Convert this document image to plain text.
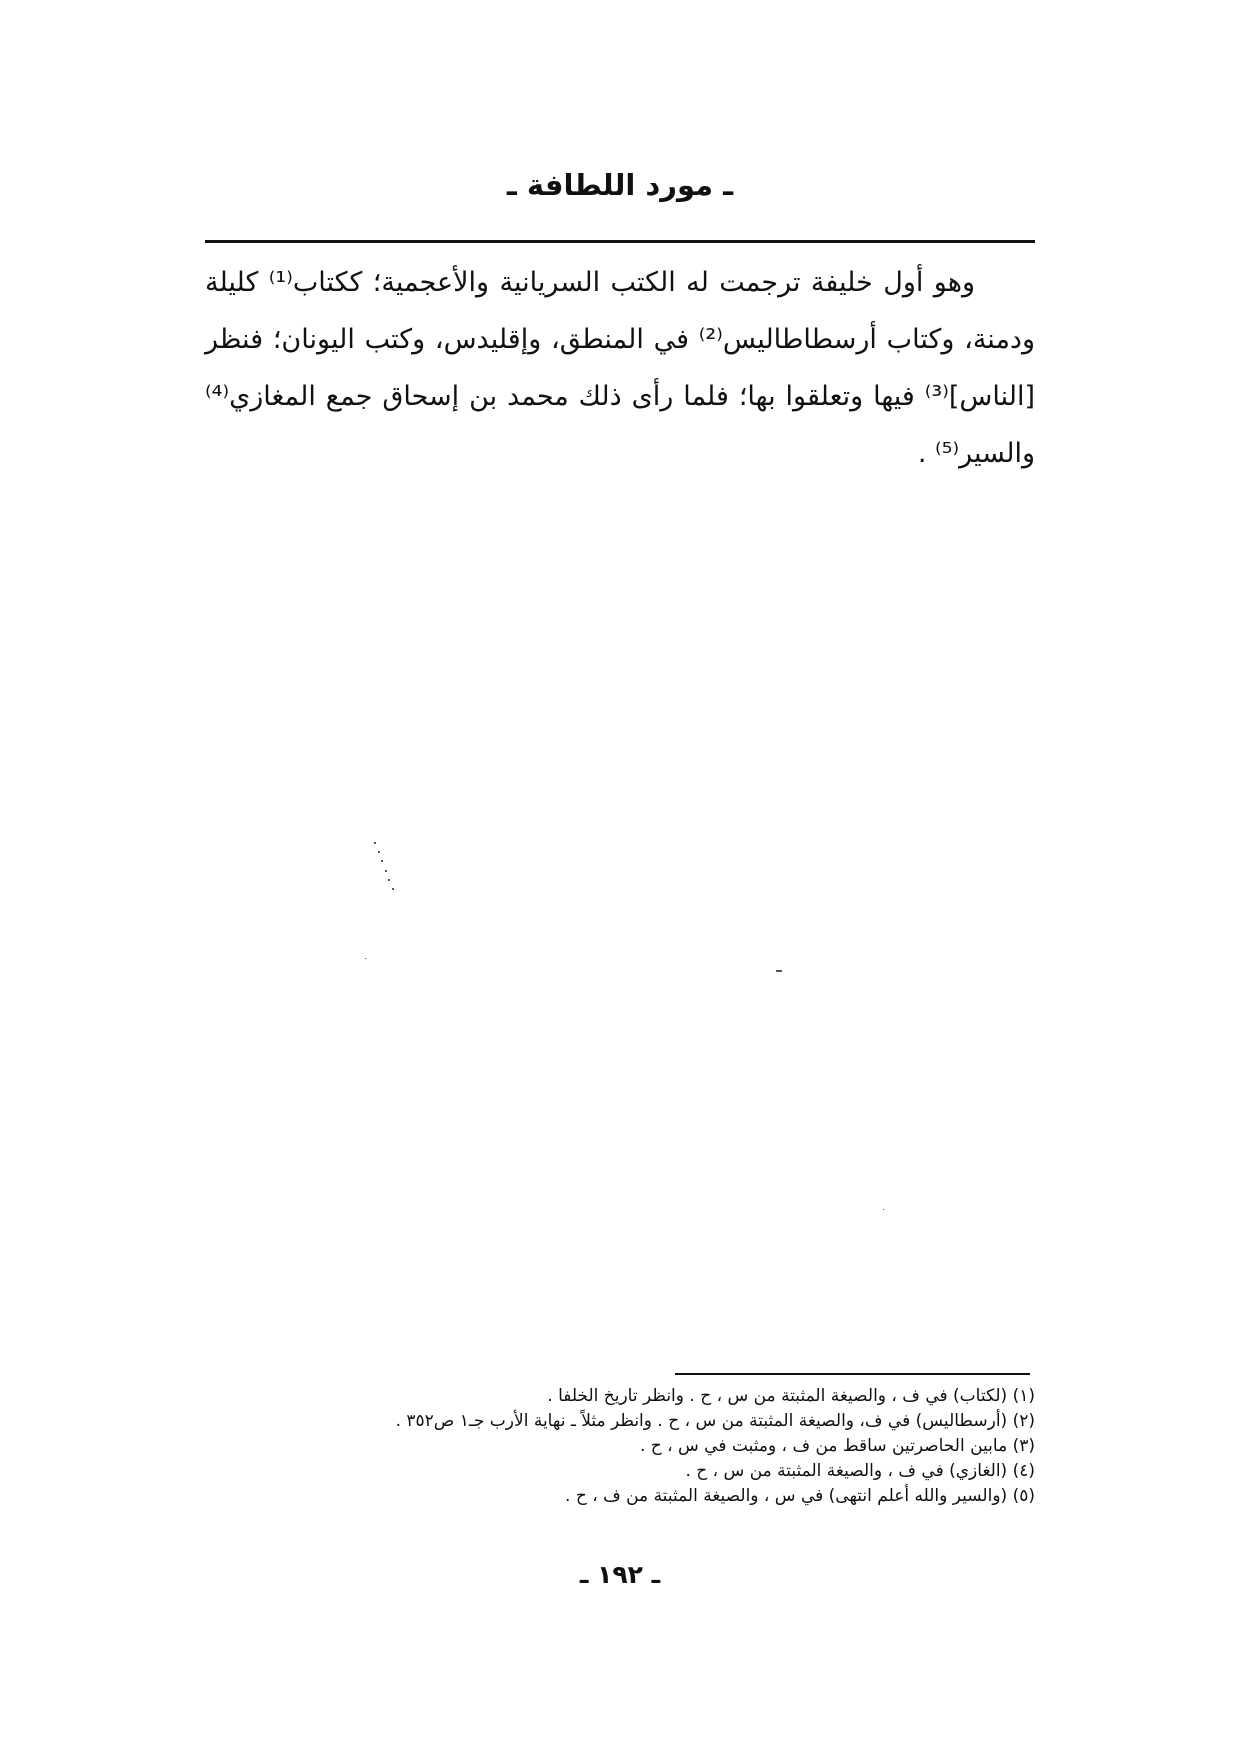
ـ مورد اللطافة ـ
وهو أول خليفة ترجمت له الكتب السريانية والأعجمية؛ ككتاب⁽¹⁾ كليلة
ودمنة، وكتاب أرسطاطاليس⁽²⁾ في المنطق، وإقليدس، وكتب اليونان؛ فنظر
[الناس]⁽³⁾ فيها وتعلقوا بها؛ فلما رأى ذلك محمد بن إسحاق جمع المغازي⁽⁴⁾
والسير⁽⁵⁾ .
(١) (لكتاب) في ف ، والصيغة المثبتة من س ، ح . وانظر تاريخ الخلفا .
(٢) (أرسطاليس) في ف، والصيغة المثبتة من س ، ح . وانظر مثلاً ـ نهاية الأرب جـ١ ص٣٥٢ .
(٣) مابين الحاصرتين ساقط من ف ، ومثبت في س ، ح .
(٤) (الغازي) في ف ، والصيغة المثبتة من س ، ح .
(٥) (والسير والله أعلم انتهى) في س ، والصيغة المثبتة من ف ، ح .
ـ ١٩٢ ـ
